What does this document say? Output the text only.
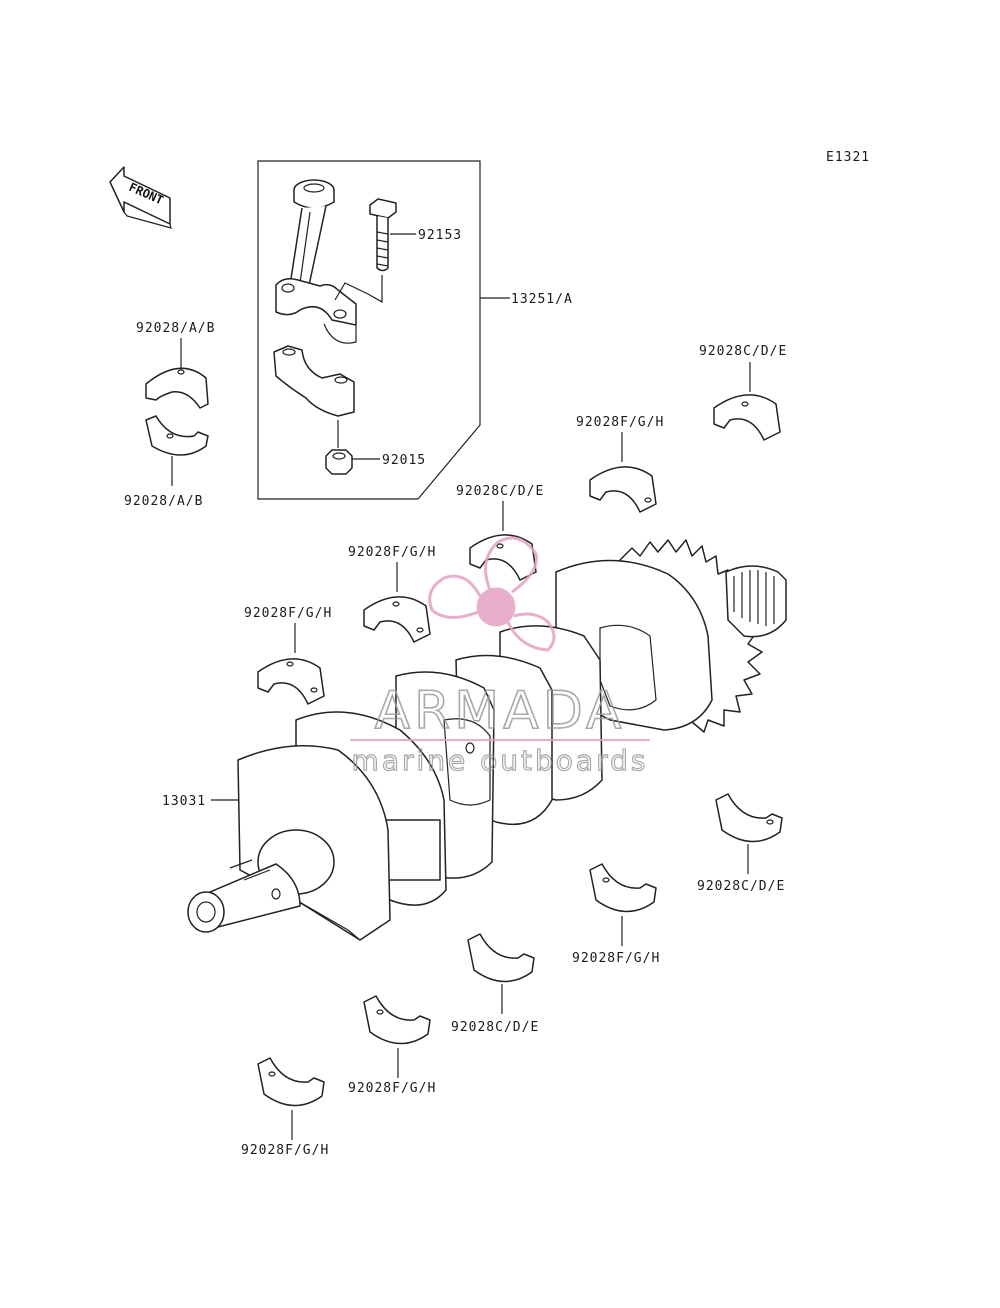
E1321
FRONT
92153
92015
13251/A
92028/A/B
92028/A/B
92028C/D/E
92028F/G/H
92028C/D/E
92028F/G/H
92028F/G/H
13031
92028C/D/E
92028F/G/H
92028C/D/E
92028F/G/H
92028F/G/H
ARMADA
marine outboards
